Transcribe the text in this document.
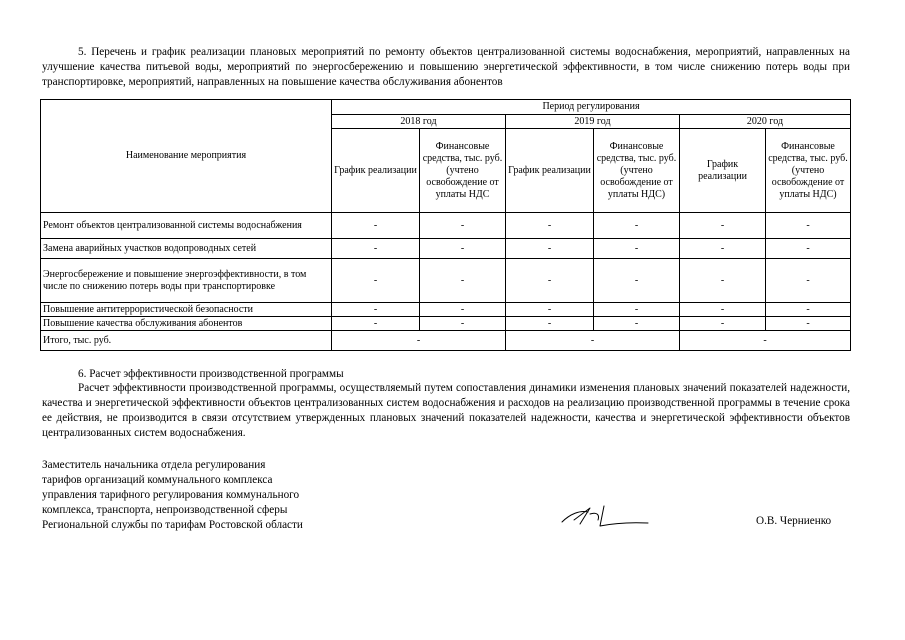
5. Перечень и график реализации плановых мероприятий по ремонту объектов централизованной системы водоснабжения, мероприятий, направленных на улучшение качества питьевой воды, мероприятий по энергосбережению и повышению энергетической эффективности, в том числе снижению потерь воды при транспортировке, мероприятий, направленных на повышение качества обслуживания абонентов
Наименование мероприятия	Период регулирования					
	2018 год		2019 год		2020 год	
	График реализации	Финансовые средства, тыс. руб. (учтено освобождение от уплаты НДС	График реализации	Финансовые средства, тыс. руб. (учтено освобождение от уплаты НДС)	График реализации	Финансовые средства, тыс. руб. (учтено освобождение от уплаты НДС)
Ремонт объектов централизованной системы водоснабжения	-	-	-	-	-	-
Замена аварийных участков водопроводных сетей	-	-	-	-	-	-
Энергосбережение и повышение энергоэффективности, в том числе по снижению потерь воды при транспортировке	-	-	-	-	-	-
Повышение антитеррористической безопасности	-	-	-	-	-	-
Повышение качества обслуживания абонентов	-	-	-	-	-	-
Итого, тыс. руб.	-		-		-	
6. Расчет эффективности производственной программы
Расчет эффективности производственной программы, осуществляемый путем сопоставления динамики изменения плановых значений показателей надежности, качества и энергетической эффективности объектов централизованных систем водоснабжения и расходов на реализацию производственной программы в течение срока ее действия, не производится в связи отсутствием утвержденных плановых значений показателей надежности, качества и энергетической эффективности объектов централизованных систем водоснабжения.
Заместитель начальника отдела регулирования
тарифов организаций коммунального комплекса
управления тарифного регулирования коммунального
комплекса, транспорта, непроизводственной сферы
Региональной службы по тарифам Ростовской области	О.В. Черниенко
